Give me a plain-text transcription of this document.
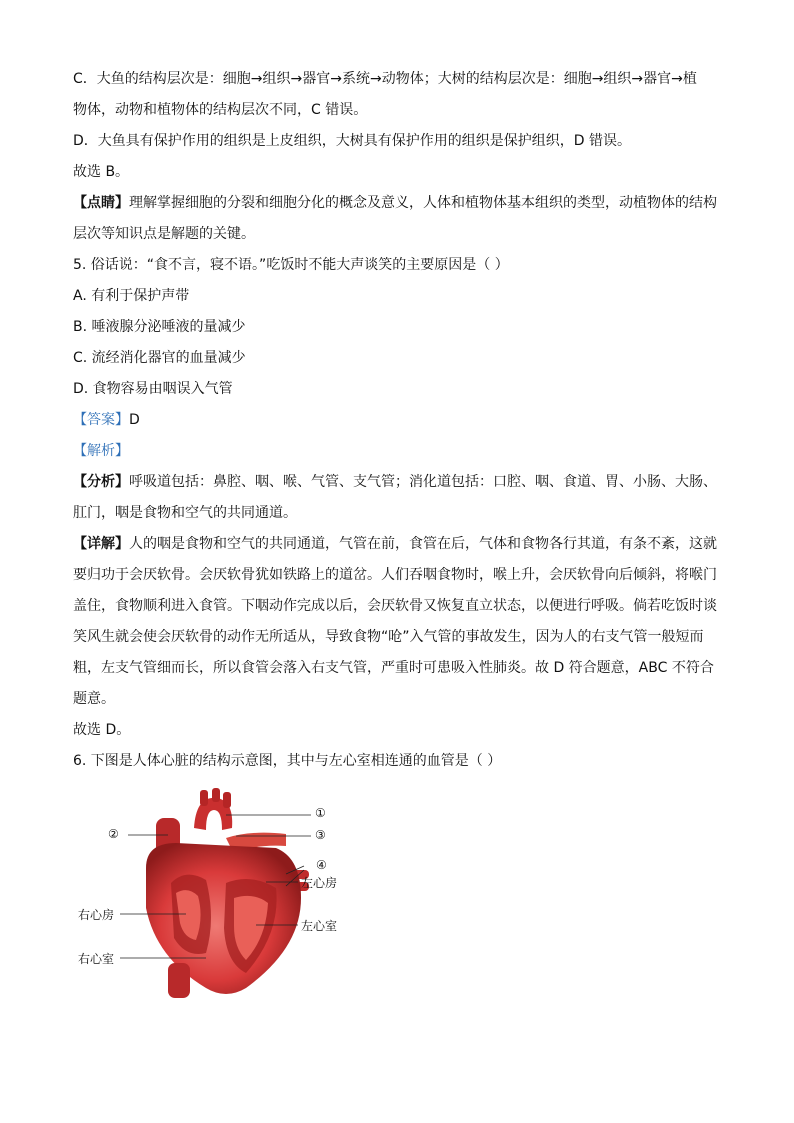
C．大鱼的结构层次是：细胞→组织→器官→系统→动物体；大树的结构层次是：细胞→组织→器官→植
物体，动物和植物体的结构层次不同，C 错误。
D．大鱼具有保护作用的组织是上皮组织，大树具有保护作用的组织是保护组织，D 错误。
故选 B。
【点睛】理解掌握细胞的分裂和细胞分化的概念及意义，人体和植物体基本组织的类型，动植物体的结构
层次等知识点是解题的关键。
5. 俗话说：“食不言，寝不语。”吃饭时不能大声谈笑的主要原因是（ ）
A. 有利于保护声带
B. 唾液腺分泌唾液的量减少
C. 流经消化器官的血量减少
D. 食物容易由咽误入气管
【答案】D
【解析】
【分析】呼吸道包括：鼻腔、咽、喉、气管、支气管；消化道包括：口腔、咽、食道、胃、小肠、大肠、
肛门，咽是食物和空气的共同通道。
【详解】人的咽是食物和空气的共同通道，气管在前，食管在后，气体和食物各行其道，有条不紊，这就
要归功于会厌软骨。会厌软骨犹如铁路上的道岔。人们吞咽食物时，喉上升，会厌软骨向后倾斜，将喉门
盖住，食物顺利进入食管。下咽动作完成以后，会厌软骨又恢复直立状态，以便进行呼吸。倘若吃饭时谈
笑风生就会使会厌软骨的动作无所适从，导致食物“呛”入气管的事故发生，因为人的右支气管一般短而
粗，左支气管细而长，所以食管会落入右支气管，严重时可患吸入性肺炎。故 D 符合题意，ABC 不符合
题意。
故选 D。
6. 下图是人体心脏的结构示意图，其中与左心室相连通的血管是（ ）
①
②	③
④
左心房
左心室
右心房
右心室
